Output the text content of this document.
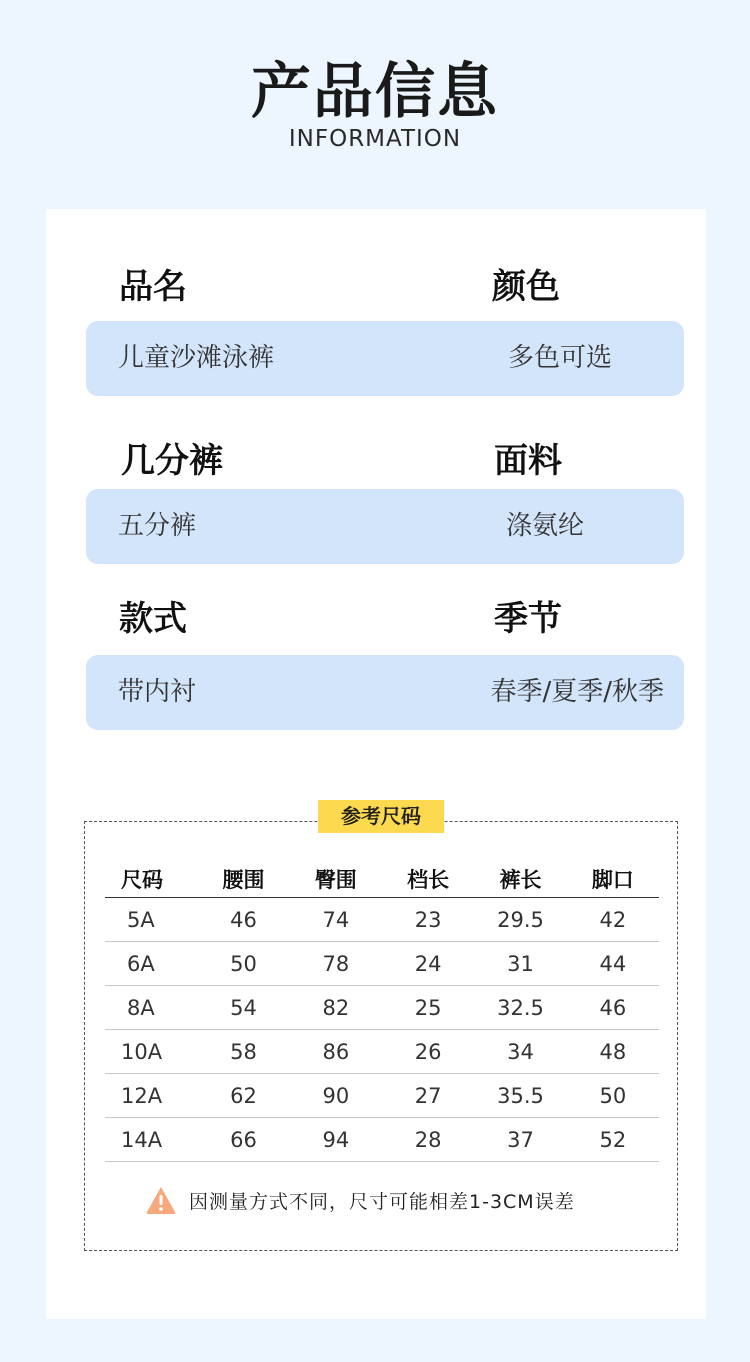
产品信息
INFORMATION
品名	颜色
儿童沙滩泳裤	多色可选
几分裤	面料
五分裤	涤氨纶
款式	季节
带内衬	春季/夏季/秋季
参考尺码
尺码	腰围	臀围	档长	裤长	脚口
5A	46	74	23	29.5	42
6A	50	78	24	31	44
8A	54	82	25	32.5	46
10A	58	86	26	34	48
12A	62	90	27	35.5	50
14A	66	94	28	37	52
因测量方式不同，尺寸可能相差1-3CM误差
